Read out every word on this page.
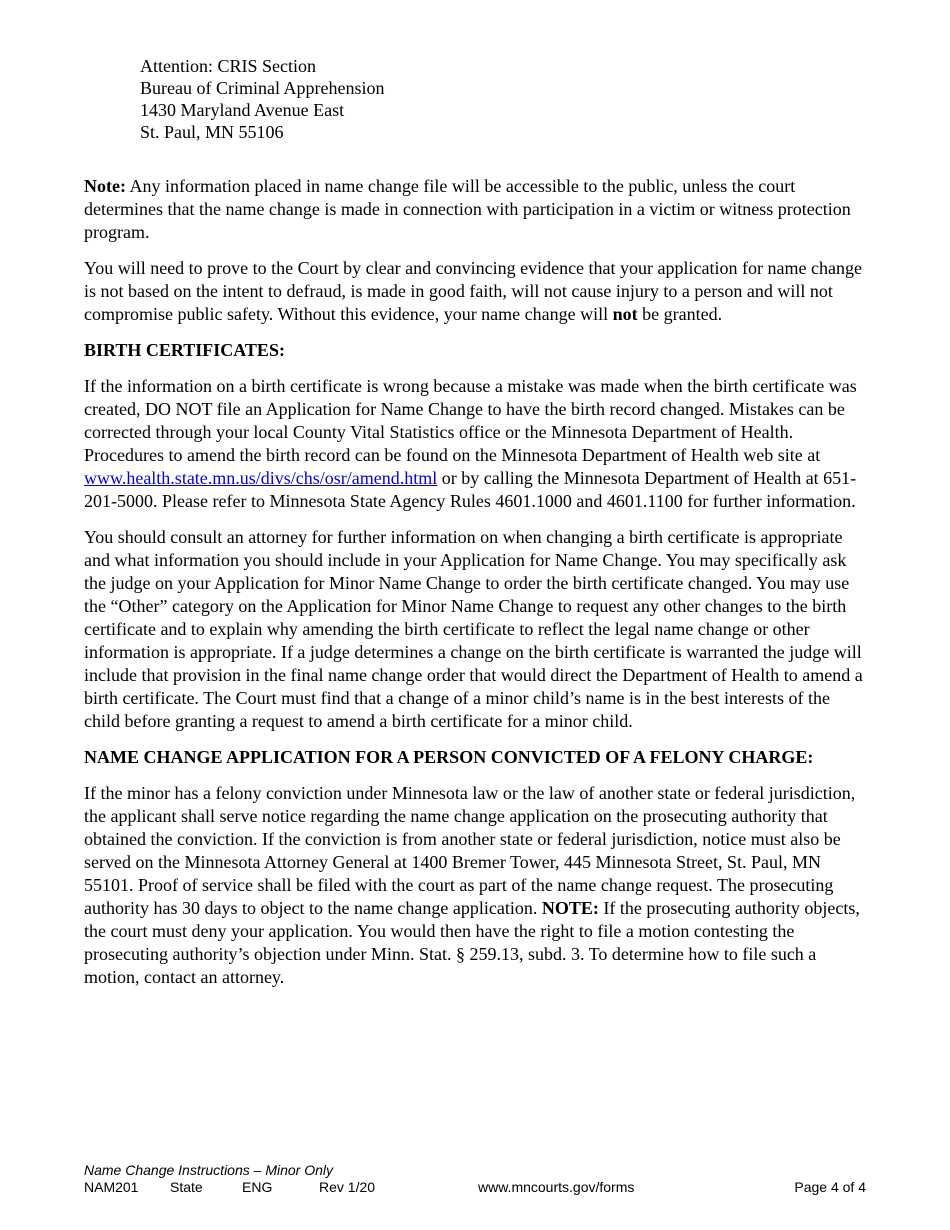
Attention: CRIS Section
Bureau of Criminal Apprehension
1430 Maryland Avenue East
St. Paul, MN 55106

Note: Any information placed in name change file will be accessible to the public, unless the court determines that the name change is made in connection with participation in a victim or witness protection program.

You will need to prove to the Court by clear and convincing evidence that your application for name change is not based on the intent to defraud, is made in good faith, will not cause injury to a person and will not compromise public safety. Without this evidence, your name change will not be granted.

BIRTH CERTIFICATES:

If the information on a birth certificate is wrong because a mistake was made when the birth certificate was created, DO NOT file an Application for Name Change to have the birth record changed. Mistakes can be corrected through your local County Vital Statistics office or the Minnesota Department of Health. Procedures to amend the birth record can be found on the Minnesota Department of Health web site at www.health.state.mn.us/divs/chs/osr/amend.html or by calling the Minnesota Department of Health at 651-201-5000. Please refer to Minnesota State Agency Rules 4601.1000 and 4601.1100 for further information.

You should consult an attorney for further information on when changing a birth certificate is appropriate and what information you should include in your Application for Name Change. You may specifically ask the judge on your Application for Minor Name Change to order the birth certificate changed. You may use the “Other” category on the Application for Minor Name Change to request any other changes to the birth certificate and to explain why amending the birth certificate to reflect the legal name change or other information is appropriate. If a judge determines a change on the birth certificate is warranted the judge will include that provision in the final name change order that would direct the Department of Health to amend a birth certificate. The Court must find that a change of a minor child’s name is in the best interests of the child before granting a request to amend a birth certificate for a minor child.

NAME CHANGE APPLICATION FOR A PERSON CONVICTED OF A FELONY CHARGE:

If the minor has a felony conviction under Minnesota law or the law of another state or federal jurisdiction, the applicant shall serve notice regarding the name change application on the prosecuting authority that obtained the conviction. If the conviction is from another state or federal jurisdiction, notice must also be served on the Minnesota Attorney General at 1400 Bremer Tower, 445 Minnesota Street, St. Paul, MN 55101. Proof of service shall be filed with the court as part of the name change request. The prosecuting authority has 30 days to object to the name change application. NOTE: If the prosecuting authority objects, the court must deny your application. You would then have the right to file a motion contesting the prosecuting authority’s objection under Minn. Stat. § 259.13, subd. 3. To determine how to file such a motion, contact an attorney.

Name Change Instructions – Minor Only
NAM201 State	ENG	Rev 1/20	www.mncourts.gov/forms	Page 4 of 4
